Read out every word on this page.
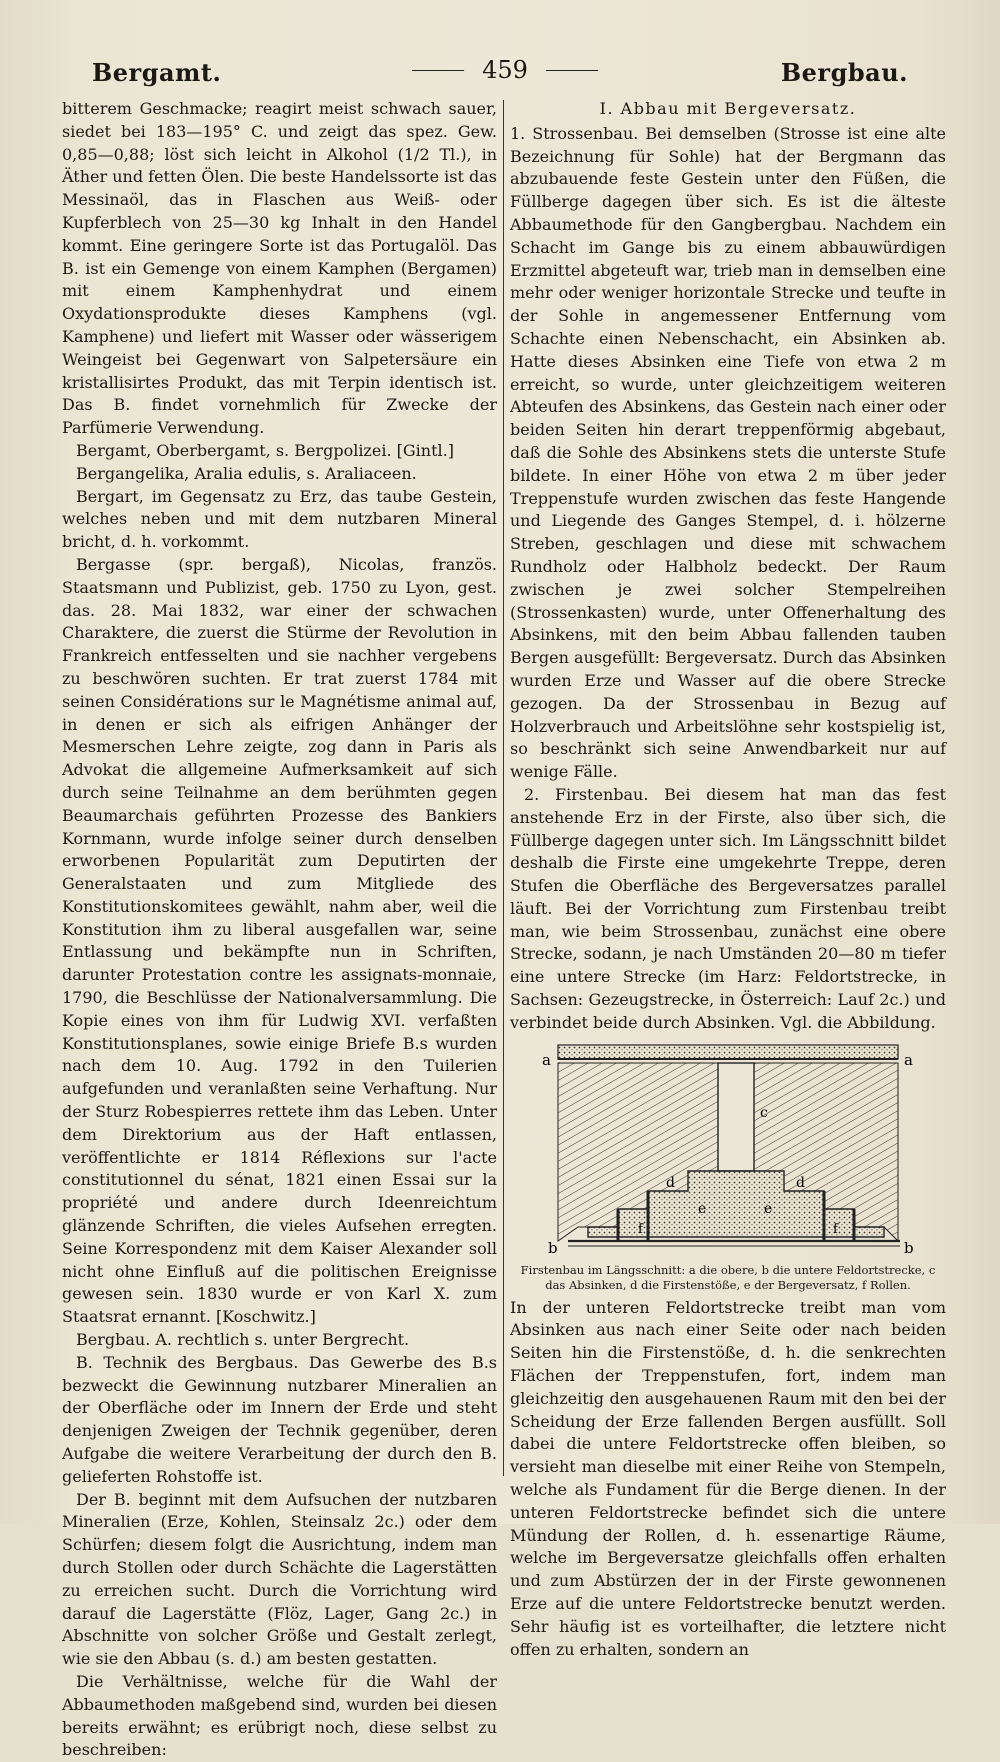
Bergamt.	459	Bergbau.

bitterem Geschmacke; reagirt meist schwach sauer, siedet bei 183—195° C. und zeigt das spez. Gew. 0,85—0,88; löst sich leicht in Alkohol (1/2 Tl.), in Äther und fetten Ölen. Die beste Handelssorte ist das Messinaöl, das in Flaschen aus Weiß- oder Kupferblech von 25—30 kg Inhalt in den Handel kommt. Eine geringere Sorte ist das Portugalöl. Das B. ist ein Gemenge von einem Kamphen (Bergamen) mit einem Kamphenhydrat und einem Oxydationsprodukte dieses Kamphens (vgl. Kamphene) und liefert mit Wasser oder wässerigem Weingeist bei Gegenwart von Salpetersäure ein kristallisirtes Produkt, das mit Terpin identisch ist. Das B. findet vornehmlich für Zwecke der Parfümerie Verwendung.

Bergamt, Oberbergamt, s. Bergpolizei. [Gintl.]

Bergangelika, Aralia edulis, s. Araliaceen.

Bergart, im Gegensatz zu Erz, das taube Gestein, welches neben und mit dem nutzbaren Mineral bricht, d. h. vorkommt.

Bergasse (spr. bergaß), Nicolas, französ. Staatsmann und Publizist, geb. 1750 zu Lyon, gest. das. 28. Mai 1832, war einer der schwachen Charaktere, die zuerst die Stürme der Revolution in Frankreich entfesselten und sie nachher vergebens zu beschwören suchten. Er trat zuerst 1784 mit seinen Considérations sur le Magnétisme animal auf, in denen er sich als eifrigen Anhänger der Mesmerschen Lehre zeigte, zog dann in Paris als Advokat die allgemeine Aufmerksamkeit auf sich durch seine Teilnahme an dem berühmten gegen Beaumarchais geführten Prozesse des Bankiers Kornmann, wurde infolge seiner durch denselben erworbenen Popularität zum Deputirten der Generalstaaten und zum Mitgliede des Konstitutionskomitees gewählt, nahm aber, weil die Konstitution ihm zu liberal ausgefallen war, seine Entlassung und bekämpfte nun in Schriften, darunter Protestation contre les assignats-monnaie, 1790, die Beschlüsse der Nationalversammlung. Die Kopie eines von ihm für Ludwig XVI. verfaßten Konstitutionsplanes, sowie einige Briefe B.s wurden nach dem 10. Aug. 1792 in den Tuilerien aufgefunden und veranlaßten seine Verhaftung. Nur der Sturz Robespierres rettete ihm das Leben. Unter dem Direktorium aus der Haft entlassen, veröffentlichte er 1814 Réflexions sur l'acte constitutionnel du sénat, 1821 einen Essai sur la propriété und andere durch Ideenreichtum glänzende Schriften, die vieles Aufsehen erregten. Seine Korrespondenz mit dem Kaiser Alexander soll nicht ohne Einfluß auf die politischen Ereignisse gewesen sein. 1830 wurde er von Karl X. zum Staatsrat ernannt. [Koschwitz.]

Bergbau. A. rechtlich s. unter Bergrecht.

B. Technik des Bergbaus. Das Gewerbe des B.s bezweckt die Gewinnung nutzbarer Mineralien an der Oberfläche oder im Innern der Erde und steht denjenigen Zweigen der Technik gegenüber, deren Aufgabe die weitere Verarbeitung der durch den B. gelieferten Rohstoffe ist.

Der B. beginnt mit dem Aufsuchen der nutzbaren Mineralien (Erze, Kohlen, Steinsalz 2c.) oder dem Schürfen; diesem folgt die Ausrichtung, indem man durch Stollen oder durch Schächte die Lagerstätten zu erreichen sucht. Durch die Vorrichtung wird darauf die Lagerstätte (Flöz, Lager, Gang 2c.) in Abschnitte von solcher Größe und Gestalt zerlegt, wie sie den Abbau (s. d.) am besten gestatten.

Die Verhältnisse, welche für die Wahl der Abbaumethoden maßgebend sind, wurden bei diesen bereits erwähnt; es erübrigt noch, diese selbst zu beschreiben:

I. Abbau mit Bergeversatz.

1. Strossenbau. Bei demselben (Strosse ist eine alte Bezeichnung für Sohle) hat der Bergmann das abzubauende feste Gestein unter den Füßen, die Füllberge dagegen über sich. Es ist die älteste Abbaumethode für den Gangbergbau. Nachdem ein Schacht im Gange bis zu einem abbauwürdigen Erzmittel abgeteuft war, trieb man in demselben eine mehr oder weniger horizontale Strecke und teufte in der Sohle in angemessener Entfernung vom Schachte einen Nebenschacht, ein Absinken ab. Hatte dieses Absinken eine Tiefe von etwa 2 m erreicht, so wurde, unter gleichzeitigem weiteren Abteufen des Absinkens, das Gestein nach einer oder beiden Seiten hin derart treppenförmig abgebaut, daß die Sohle des Absinkens stets die unterste Stufe bildete. In einer Höhe von etwa 2 m über jeder Treppenstufe wurden zwischen das feste Hangende und Liegende des Ganges Stempel, d. i. hölzerne Streben, geschlagen und diese mit schwachem Rundholz oder Halbholz bedeckt. Der Raum zwischen je zwei solcher Stempelreihen (Strossenkasten) wurde, unter Offenerhaltung des Absinkens, mit den beim Abbau fallenden tauben Bergen ausgefüllt: Bergeversatz. Durch das Absinken wurden Erze und Wasser auf die obere Strecke gezogen. Da der Strossenbau in Bezug auf Holzverbrauch und Arbeitslöhne sehr kostspielig ist, so beschränkt sich seine Anwendbarkeit nur auf wenige Fälle.

2. Firstenbau. Bei diesem hat man das fest anstehende Erz in der Firste, also über sich, die Füllberge dagegen unter sich. Im Längsschnitt bildet deshalb die Firste eine umgekehrte Treppe, deren Stufen die Oberfläche des Bergeversatzes parallel läuft. Bei der Vorrichtung zum Firstenbau treibt man, wie beim Strossenbau, zunächst eine obere Strecke, sodann, je nach Umständen 20—80 m tiefer eine untere Strecke (im Harz: Feldortstrecke, in Sachsen: Gezeugstrecke, in Österreich: Lauf 2c.) und verbindet beide durch Absinken. Vgl. die Abbildung.

a	a
b	b
c
d	d
e	e
f	f
Firstenbau im Längsschnitt: a die obere, b die untere Feldortstrecke, c das Absinken, d die Firstenstöße, e der Bergeversatz, f Rollen.

In der unteren Feldortstrecke treibt man vom Absinken aus nach einer Seite oder nach beiden Seiten hin die Firstenstöße, d. h. die senkrechten Flächen der Treppenstufen, fort, indem man gleichzeitig den ausgehauenen Raum mit den bei der Scheidung der Erze fallenden Bergen ausfüllt. Soll dabei die untere Feldortstrecke offen bleiben, so versieht man dieselbe mit einer Reihe von Stempeln, welche als Fundament für die Berge dienen. In der unteren Feldortstrecke befindet sich die untere Mündung der Rollen, d. h. essenartige Räume, welche im Bergeversatze gleichfalls offen erhalten und zum Abstürzen der in der Firste gewonnenen Erze auf die untere Feldortstrecke benutzt werden. Sehr häufig ist es vorteilhafter, die letztere nicht offen zu erhalten, sondern an
